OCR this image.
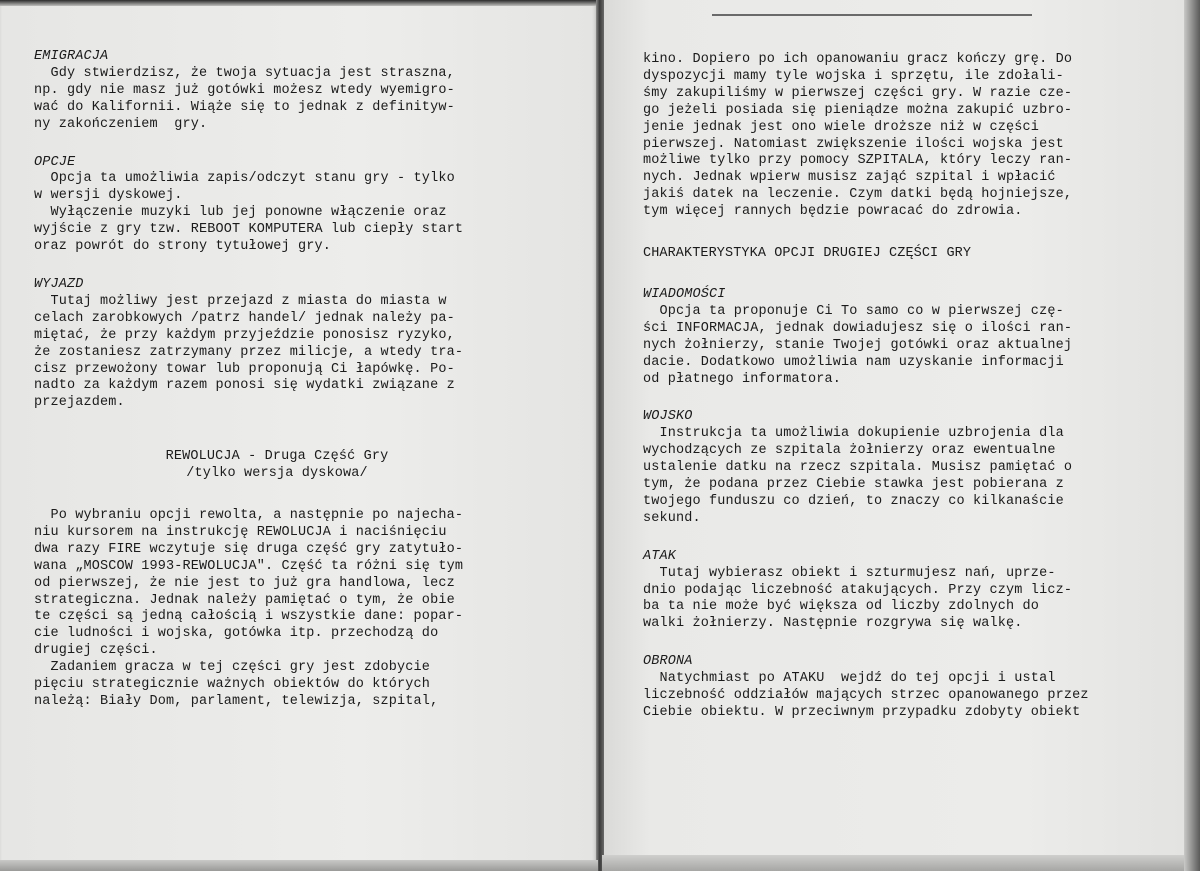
EMIGRACJA
Gdy stwierdzisz, że twoja sytuacja jest straszna,
np. gdy nie masz już gotówki możesz wtedy wyemigro-
wać do Kalifornii. Wiąże się to jednak z definityw-
ny zakończeniem  gry.
OPCJE
Opcja ta umożliwia zapis/odczyt stanu gry - tylko
w wersji dyskowej.
Wyłączenie muzyki lub jej ponowne włączenie oraz
wyjście z gry tzw. REBOOT KOMPUTERA lub ciepły start
oraz powrót do strony tytułowej gry.
WYJAZD
Tutaj możliwy jest przejazd z miasta do miasta w
celach zarobkowych /patrz handel/ jednak należy pa-
miętać, że przy każdym przyjeździe ponosisz ryzyko,
że zostaniesz zatrzymany przez milicje, a wtedy tra-
cisz przewożony towar lub proponują Ci łapówkę. Po-
nadto za każdym razem ponosi się wydatki związane z
przejazdem.
REWOLUCJA - Druga Część Gry
/tylko wersja dyskowa/
Po wybraniu opcji rewolta, a następnie po najecha-
niu kursorem na instrukcję REWOLUCJA i naciśnięciu
dwa razy FIRE wczytuje się druga część gry zatytuło-
wana „MOSCOW 1993-REWOLUCJA". Część ta różni się tym
od pierwszej, że nie jest to już gra handlowa, lecz
strategiczna. Jednak należy pamiętać o tym, że obie
te części są jedną całością i wszystkie dane: popar-
cie ludności i wojska, gotówka itp. przechodzą do
drugiej części.
Zadaniem gracza w tej części gry jest zdobycie
pięciu strategicznie ważnych obiektów do których
należą: Biały Dom, parlament, telewizja, szpital,
kino. Dopiero po ich opanowaniu gracz kończy grę. Do
dyspozycji mamy tyle wojska i sprzętu, ile zdołali-
śmy zakupiliśmy w pierwszej części gry. W razie cze-
go jeżeli posiada się pieniądze można zakupić uzbro-
jenie jednak jest ono wiele droższe niż w części
pierwszej. Natomiast zwiększenie ilości wojska jest
możliwe tylko przy pomocy SZPITALA, który leczy ran-
nych. Jednak wpierw musisz zająć szpital i wpłacić
jakiś datek na leczenie. Czym datki będą hojniejsze,
tym więcej rannych będzie powracać do zdrowia.
CHARAKTERYSTYKA OPCJI DRUGIEJ CZĘŚCI GRY
WIADOMOŚCI
Opcja ta proponuje Ci To samo co w pierwszej czę-
ści INFORMACJA, jednak dowiadujesz się o ilości ran-
nych żołnierzy, stanie Twojej gotówki oraz aktualnej
dacie. Dodatkowo umożliwia nam uzyskanie informacji
od płatnego informatora.
WOJSKO
Instrukcja ta umożliwia dokupienie uzbrojenia dla
wychodzących ze szpitala żołnierzy oraz ewentualne
ustalenie datku na rzecz szpitala. Musisz pamiętać o
tym, że podana przez Ciebie stawka jest pobierana z
twojego funduszu co dzień, to znaczy co kilkanaście
sekund.
ATAK
Tutaj wybierasz obiekt i szturmujesz nań, uprze-
dnio podając liczebność atakujących. Przy czym licz-
ba ta nie może być większa od liczby zdolnych do
walki żołnierzy. Następnie rozgrywa się walkę.
OBRONA
Natychmiast po ATAKU  wejdź do tej opcji i ustal
liczebność oddziałów mających strzec opanowanego przez
Ciebie obiektu. W przeciwnym przypadku zdobyty obiekt
